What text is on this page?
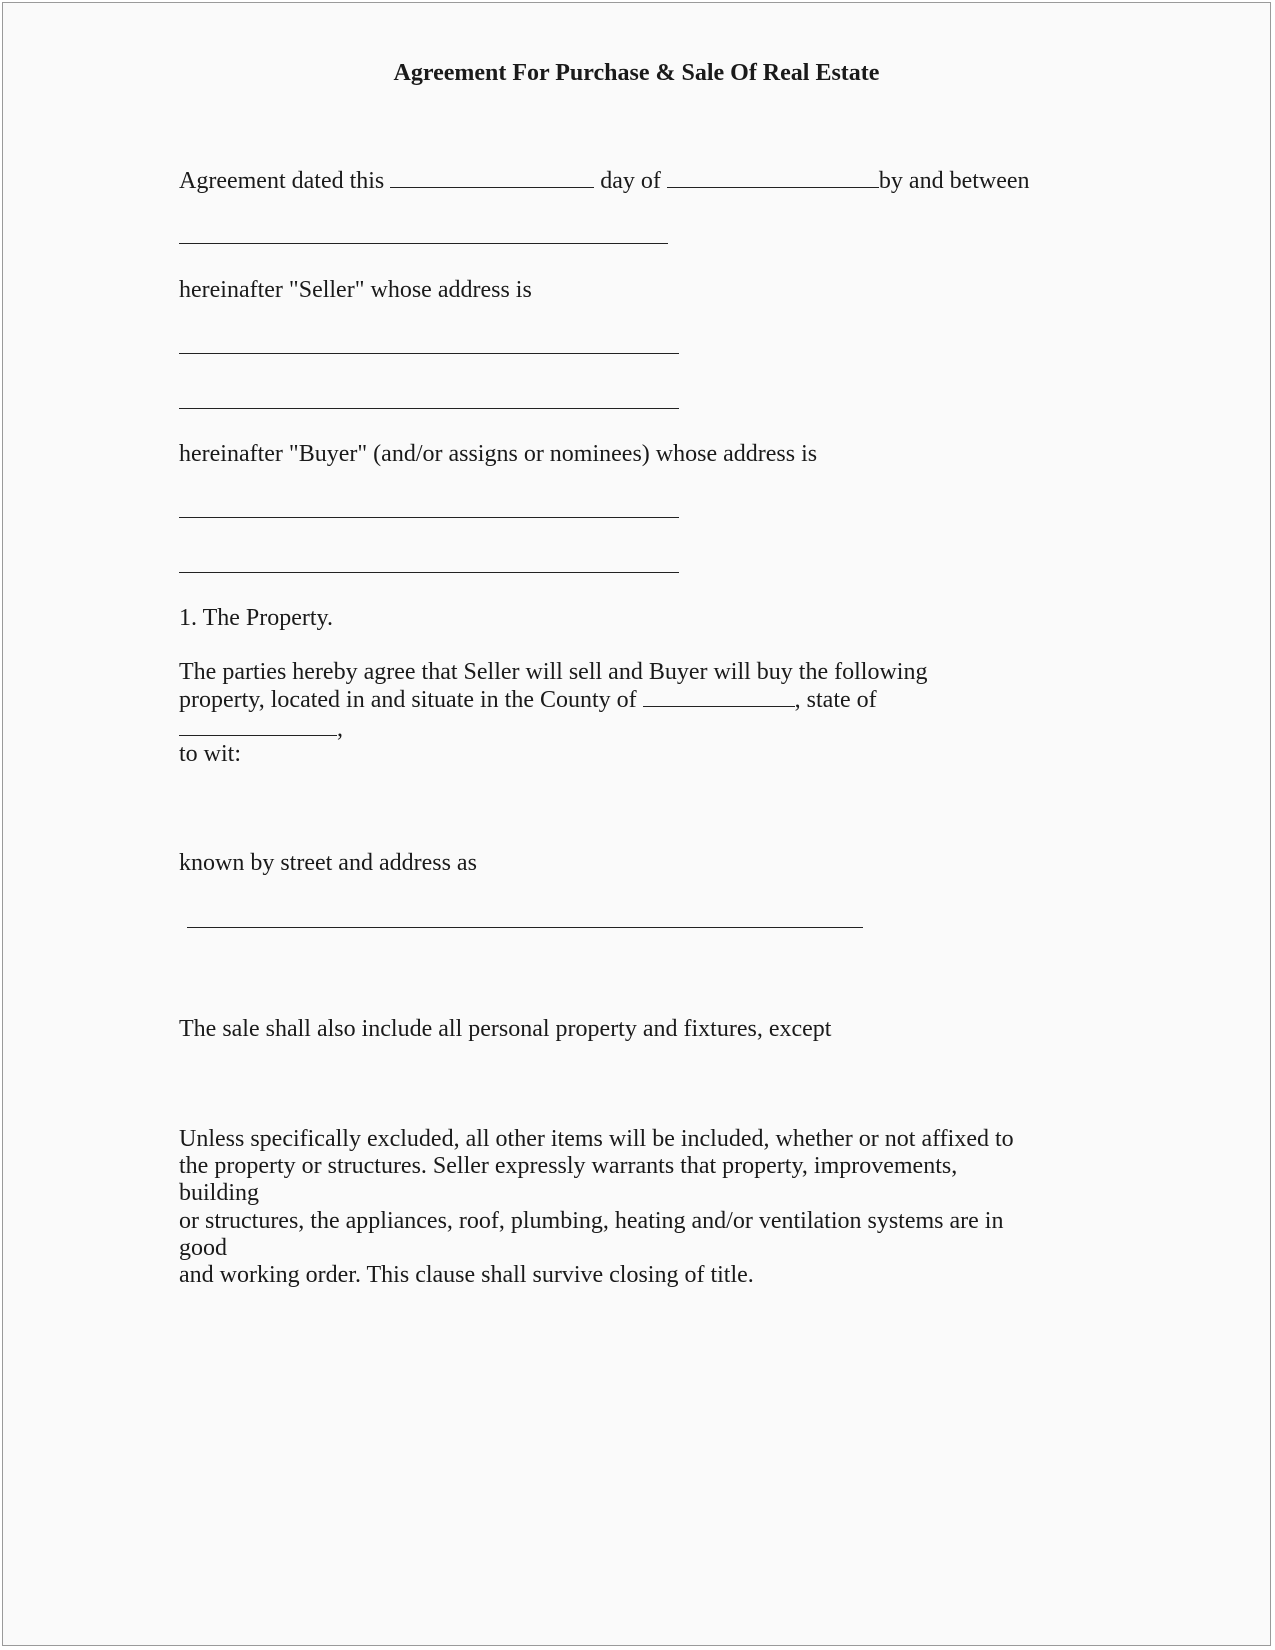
Agreement For Purchase & Sale Of Real Estate
Agreement dated this	day of	by and between
hereinafter "Seller" whose address is
hereinafter "Buyer" (and/or assigns or nominees) whose address is
1. The Property.
The parties hereby agree that Seller will sell and Buyer will buy the following
property, located in and situate in the County of	, state of
,
to wit:
known by street and address as
The sale shall also include all personal property and fixtures, except
Unless specifically excluded, all other items will be included, whether or not affixed to
the property or structures. Seller expressly warrants that property, improvements,
building
or structures, the appliances, roof, plumbing, heating and/or ventilation systems are in
good
and working order. This clause shall survive closing of title.
